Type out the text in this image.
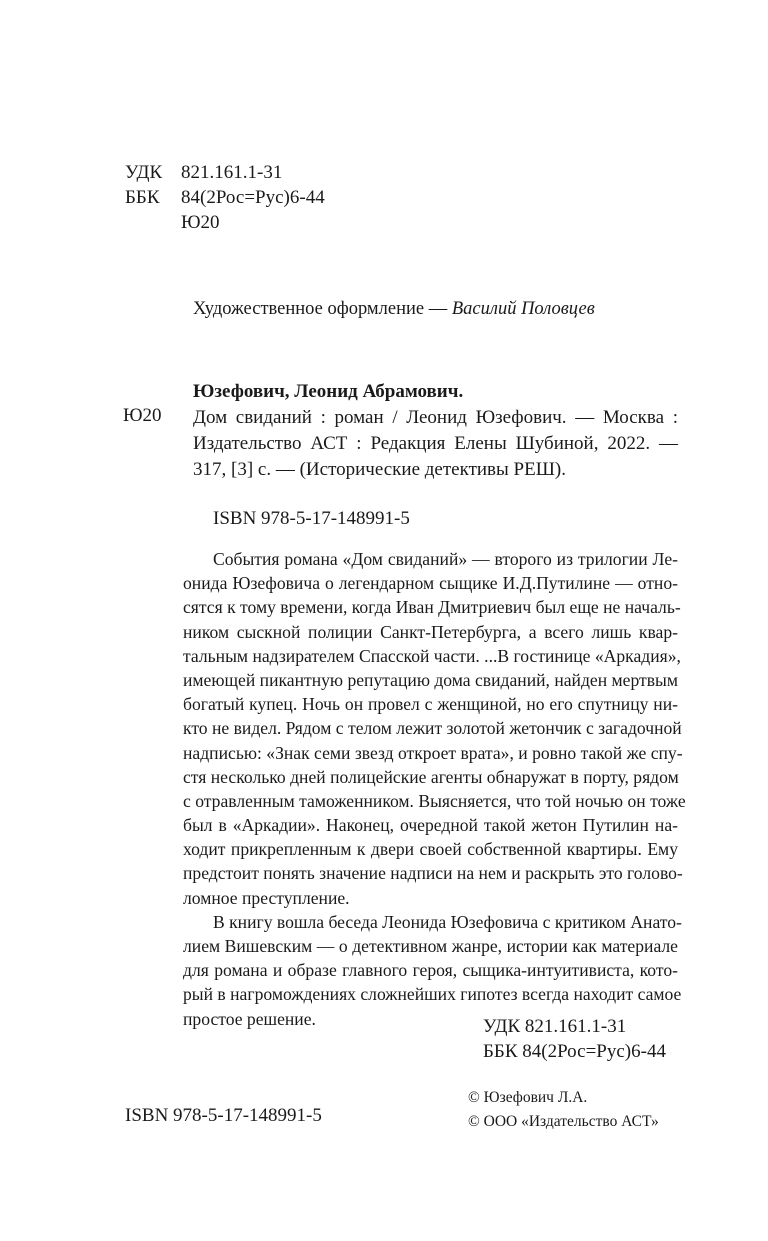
УДК 821.161.1-31
ББК	84(2Рос=Рус)6-44
Ю20
Художественное оформление — Василий Половцев
Юзефович, Леонид Абрамович.
Ю20 Дом свиданий : роман / Леонид Юзефович. — Москва :
Издательство АСТ : Редакция Елены Шубиной, 2022. —
317, [3] с. — (Исторические детективы РЕШ).
ISBN 978-5-17-148991-5
События романа «Дом свиданий» — второго из трилогии Ле-
онида Юзефовича о легендарном сыщике И.Д.Путилине — отно-
сятся к тому времени, когда Иван Дмитриевич был еще не началь-
ником сыскной полиции Санкт-Петербурга, а всего лишь квар-
тальным надзирателем Спасской части. ...В гостинице «Аркадия»,
имеющей пикантную репутацию дома свиданий, найден мертвым
богатый купец. Ночь он провел с женщиной, но его спутницу ни-
кто не видел. Рядом с телом лежит золотой жетончик с загадочной
надписью: «Знак семи звезд откроет врата», и ровно такой же спу-
стя несколько дней полицейские агенты обнаружат в порту, рядом
с отравленным таможенником. Выясняется, что той ночью он тоже
был в «Аркадии». Наконец, очередной такой жетон Путилин на-
ходит прикрепленным к двери своей собственной квартиры. Ему
предстоит понять значение надписи на нем и раскрыть это голово-
ломное преступление.
В книгу вошла беседа Леонида Юзефовича с критиком Анато-
лием Вишевским — о детективном жанре, истории как материале
для романа и образе главного героя, сыщика-интуитивиста, кото-
рый в нагромождениях сложнейших гипотез всегда находит самое
простое решение.	УДК 821.161.1-31
ББК 84(2Рос=Рус)6-44
© Юзефович Л.А.
© ООО «Издательство АСТ»
ISBN 978-5-17-148991-5
